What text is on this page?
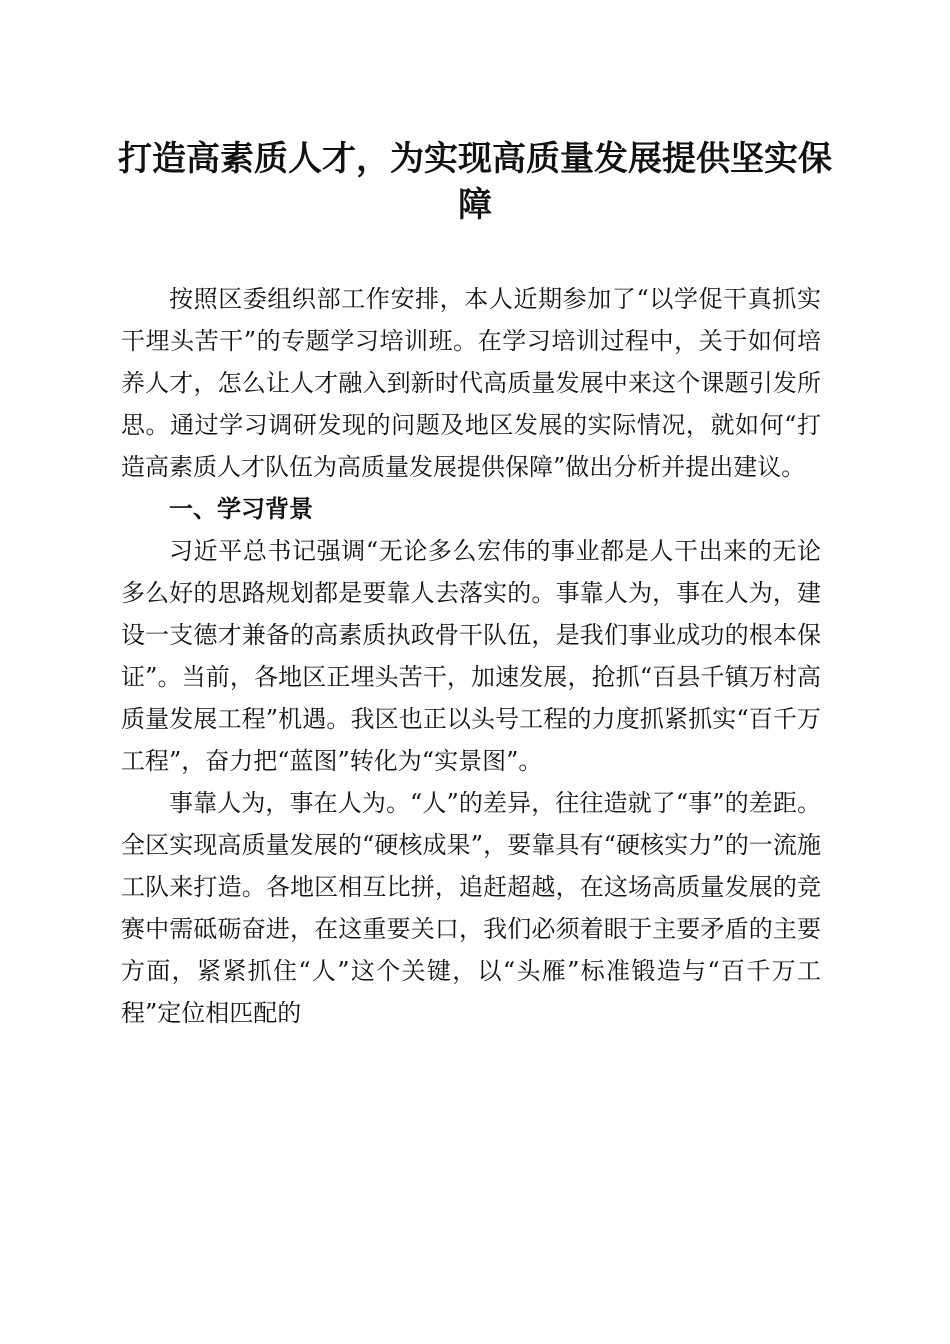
打造高素质人才，为实现高质量发展提供坚实保障

按照区委组织部工作安排，本人近期参加了“以学促干真抓实干埋头苦干”的专题学习培训班。在学习培训过程中，关于如何培养人才，怎么让人才融入到新时代高质量发展中来这个课题引发所思。通过学习调研发现的问题及地区发展的实际情况，就如何“打造高素质人才队伍为高质量发展提供保障”做出分析并提出建议。

一、学习背景

习近平总书记强调“无论多么宏伟的事业都是人干出来的无论多么好的思路规划都是要靠人去落实的。事靠人为，事在人为，建设一支德才兼备的高素质执政骨干队伍，是我们事业成功的根本保证”。当前，各地区正埋头苦干，加速发展，抢抓“百县千镇万村高质量发展工程”机遇。我区也正以头号工程的力度抓紧抓实“百千万工程”，奋力把“蓝图”转化为“实景图”。

事靠人为，事在人为。“人”的差异，往往造就了“事”的差距。全区实现高质量发展的“硬核成果”，要靠具有“硬核实力”的一流施工队来打造。各地区相互比拼，追赶超越，在这场高质量发展的竞赛中需砥砺奋进，在这重要关口，我们必须着眼于主要矛盾的主要方面，紧紧抓住“人”这个关键，以“头雁”标准锻造与“百千万工程”定位相匹配的
